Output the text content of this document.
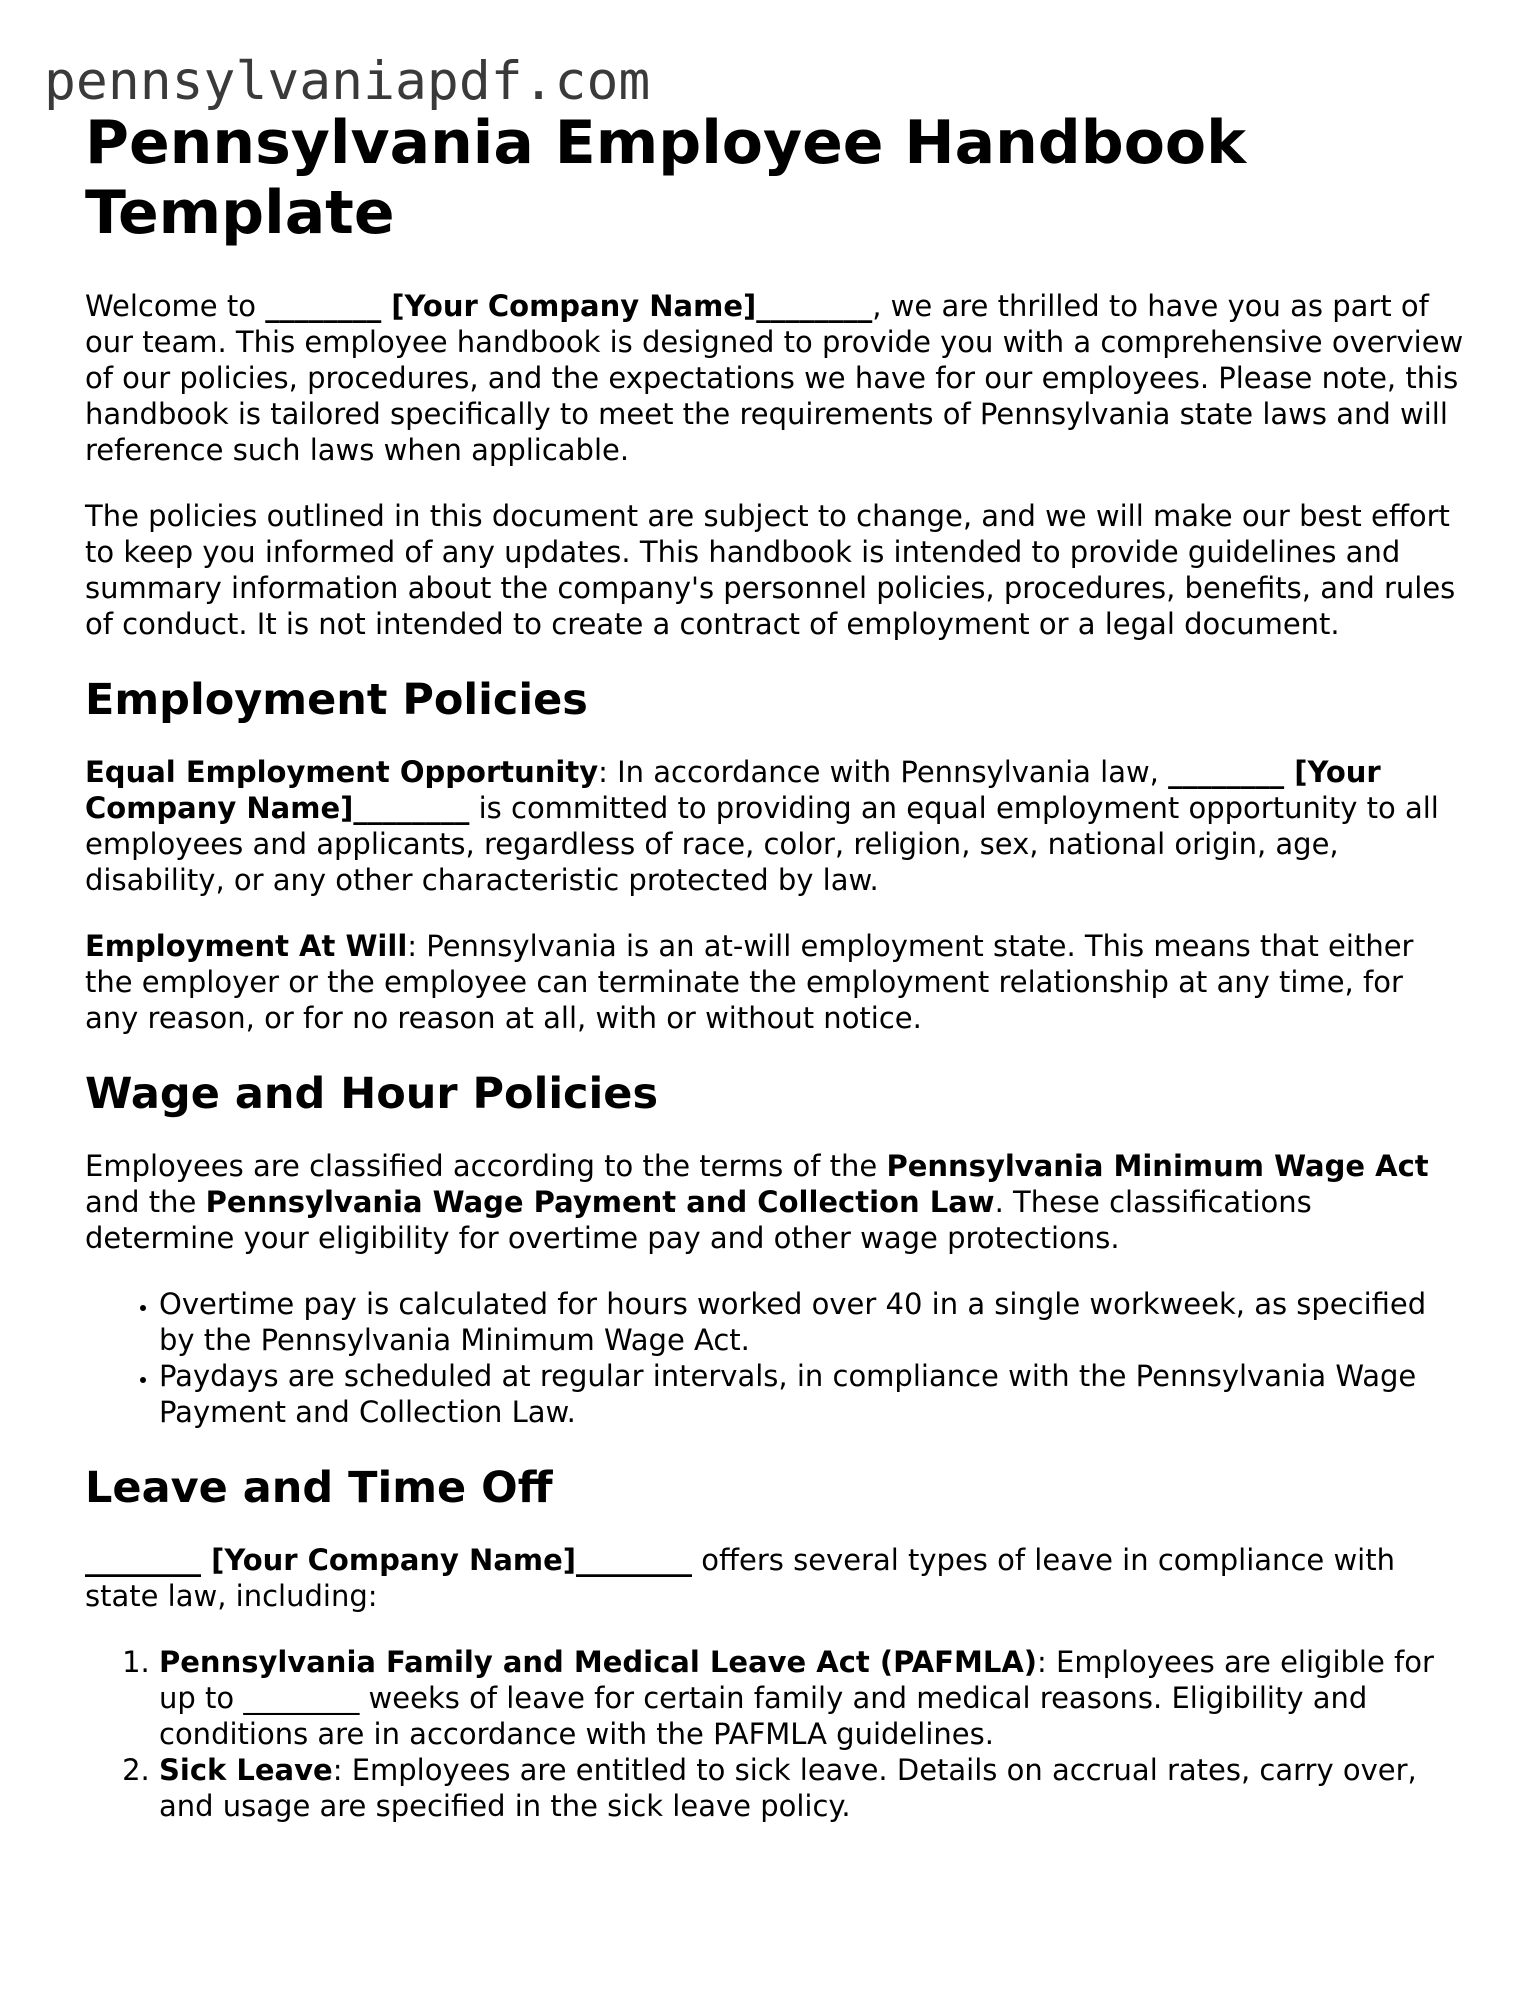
pennsylvaniapdf.com
Pennsylvania Employee Handbook Template

Welcome to ________ [Your Company Name]________, we are thrilled to have you as part of our team. This employee handbook is designed to provide you with a comprehensive overview of our policies, procedures, and the expectations we have for our employees. Please note, this handbook is tailored specifically to meet the requirements of Pennsylvania state laws and will reference such laws when applicable.

The policies outlined in this document are subject to change, and we will make our best effort to keep you informed of any updates. This handbook is intended to provide guidelines and summary information about the company's personnel policies, procedures, benefits, and rules of conduct. It is not intended to create a contract of employment or a legal document.

Employment Policies

Equal Employment Opportunity: In accordance with Pennsylvania law, ________ [Your Company Name]________ is committed to providing an equal employment opportunity to all employees and applicants, regardless of race, color, religion, sex, national origin, age, disability, or any other characteristic protected by law.

Employment At Will: Pennsylvania is an at-will employment state. This means that either the employer or the employee can terminate the employment relationship at any time, for any reason, or for no reason at all, with or without notice.

Wage and Hour Policies

Employees are classified according to the terms of the Pennsylvania Minimum Wage Act and the Pennsylvania Wage Payment and Collection Law. These classifications determine your eligibility for overtime pay and other wage protections.

• Overtime pay is calculated for hours worked over 40 in a single workweek, as specified by the Pennsylvania Minimum Wage Act.
• Paydays are scheduled at regular intervals, in compliance with the Pennsylvania Wage Payment and Collection Law.
Leave and Time Off

________ [Your Company Name]________ offers several types of leave in compliance with state law, including:

1. Pennsylvania Family and Medical Leave Act (PAFMLA): Employees are eligible for up to ________ weeks of leave for certain family and medical reasons. Eligibility and conditions are in accordance with the PAFMLA guidelines.
2. Sick Leave: Employees are entitled to sick leave. Details on accrual rates, carry over, and usage are specified in the sick leave policy.
